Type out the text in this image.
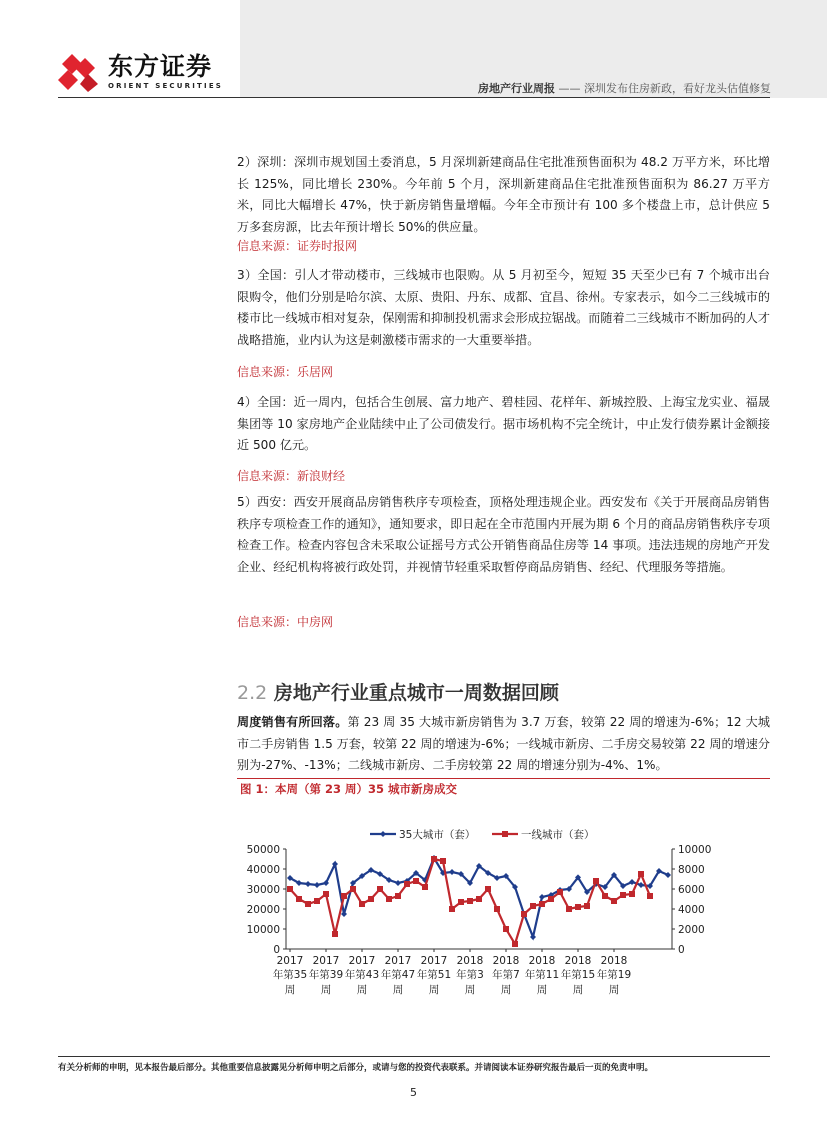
东方证券
ORIENT SECURITIES	房地产行业周报 —— 深圳发布住房新政，看好龙头估值修复
2）深圳：深圳市规划国土委消息，5 月深圳新建商品住宅批准预售面积为 48.2 万平方米，环比增长 125%，同比增长 230%。今年前 5 个月，深圳新建商品住宅批准预售面积为 86.27 万平方米，同比大幅增长 47%，快于新房销售量增幅。今年全市预计有 100 多个楼盘上市，总计供应 5 万多套房源，比去年预计增长 50%的供应量。
信息来源：证券时报网
3）全国：引人才带动楼市，三线城市也限购。从 5 月初至今，短短 35 天至少已有 7 个城市出台限购令，他们分别是哈尔滨、太原、贵阳、丹东、成都、宜昌、徐州。专家表示，如今二三线城市的楼市比一线城市相对复杂，保刚需和抑制投机需求会形成拉锯战。而随着二三线城市不断加码的人才战略措施，业内认为这是刺激楼市需求的一大重要举措。
信息来源：乐居网
4）全国：近一周内，包括合生创展、富力地产、碧桂园、花样年、新城控股、上海宝龙实业、福晟集团等 10 家房地产企业陆续中止了公司债发行。据市场机构不完全统计，中止发行债券累计金额接近 500 亿元。
信息来源：新浪财经
5）西安：西安开展商品房销售秩序专项检查，顶格处理违规企业。西安发布《关于开展商品房销售秩序专项检查工作的通知》，通知要求，即日起在全市范围内开展为期 6 个月的商品房销售秩序专项检查工作。检查内容包含未采取公证摇号方式公开销售商品住房等 14 事项。违法违规的房地产开发企业、经纪机构将被行政处罚，并视情节轻重采取暂停商品房销售、经纪、代理服务等措施。
信息来源：中房网
2.2 房地产行业重点城市一周数据回顾
周度销售有所回落。第 23 周 35 大城市新房销售为 3.7 万套，较第 22 周的增速为-6%；12 大城市二手房销售 1.5 万套，较第 22 周的增速为-6%；一线城市新房、二手房交易较第 22 周的增速分别为-27%、-13%；二线城市新房、二手房较第 22 周的增速分别为-4%、1%。
图 1：本周（第 23 周）35 城市新房成交
0
10000
20000
30000
40000
50000
0
2000
4000
6000
8000
10000
2017
年第35
周
2017
年第39
周
2017
年第43
周
2017
年第47
周
2017
年第51
周
2018
年第3
周
2018
年第7
周
2018
年第11
周
2018
年第15
周
2018
年第19
周
35大城市（套）	一线城市（套）
有关分析师的申明，见本报告最后部分。其他重要信息披露见分析师申明之后部分，或请与您的投资代表联系。并请阅读本证券研究报告最后一页的免责申明。
5
